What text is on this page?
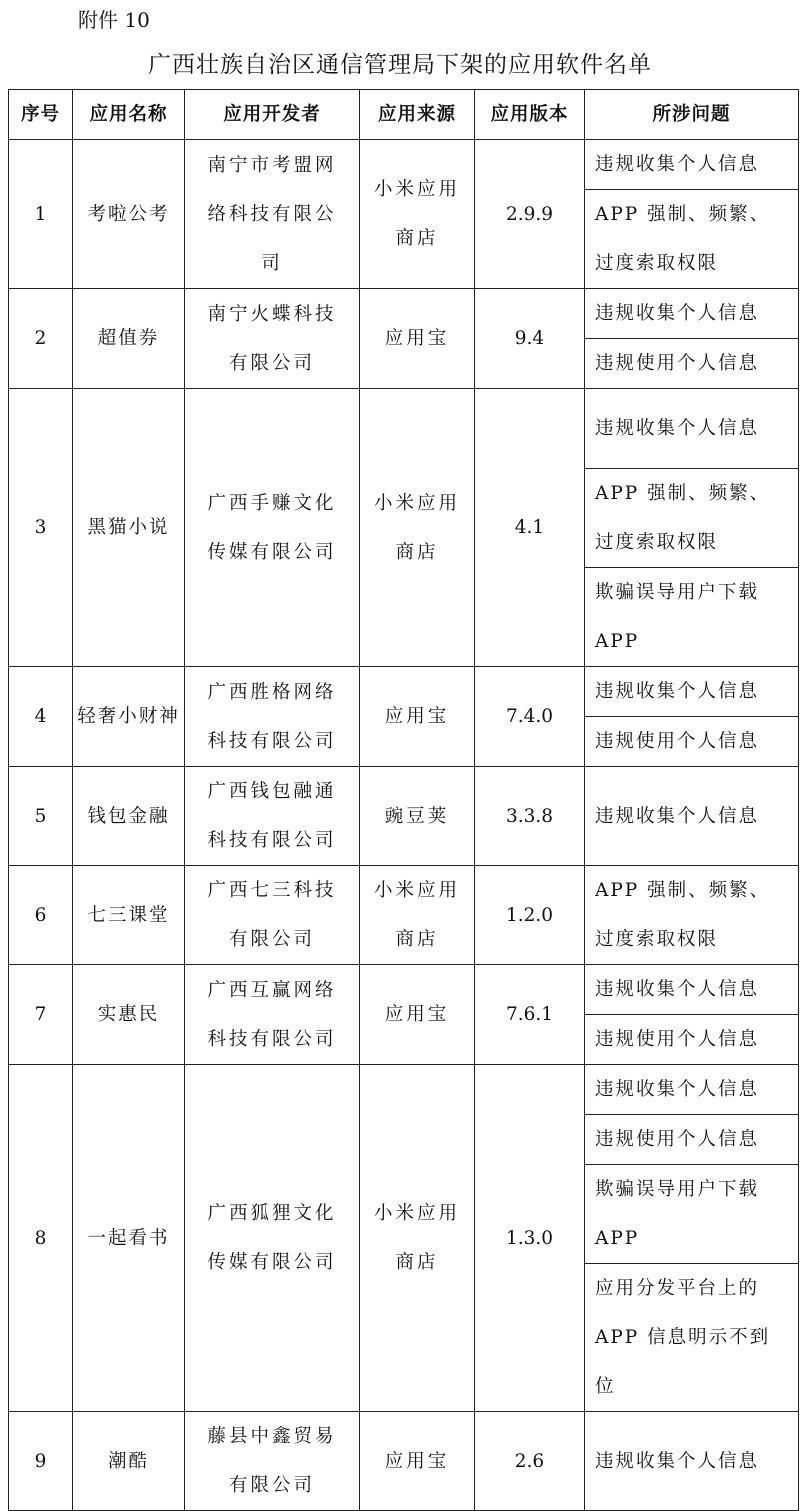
附件 10
广西壮族自治区通信管理局下架的应用软件名单
序号	应用名称	应用开发者	应用来源	应用版本	所涉问题

1	考啦公考	南宁市考盟网络科技有限公司	小米应用商店	2.9.9	违规收集个人信息
					APP 强制、频繁、过度索取权限

2	超值券	南宁火蝶科技有限公司	应用宝	9.4	违规收集个人信息
					违规使用个人信息

3	黑猫小说	广西手赚文化传媒有限公司	小米应用商店	4.1	违规收集个人信息
					APP 强制、频繁、过度索取权限
					欺骗误导用户下载 APP

4	轻奢小财神	广西胜格网络科技有限公司	应用宝	7.4.0	违规收集个人信息
					违规使用个人信息

5	钱包金融	广西钱包融通科技有限公司	豌豆荚	3.3.8	违规收集个人信息

6	七三课堂	广西七三科技有限公司	小米应用商店	1.2.0	APP 强制、频繁、过度索取权限

7	实惠民	广西互赢网络科技有限公司	应用宝	7.6.1	违规收集个人信息
					违规使用个人信息

8	一起看书	广西狐狸文化传媒有限公司	小米应用商店	1.3.0	违规收集个人信息
					违规使用个人信息
					欺骗误导用户下载 APP
					应用分发平台上的 APP 信息明示不到位

9	潮酷	藤县中鑫贸易有限公司	应用宝	2.6	违规收集个人信息
